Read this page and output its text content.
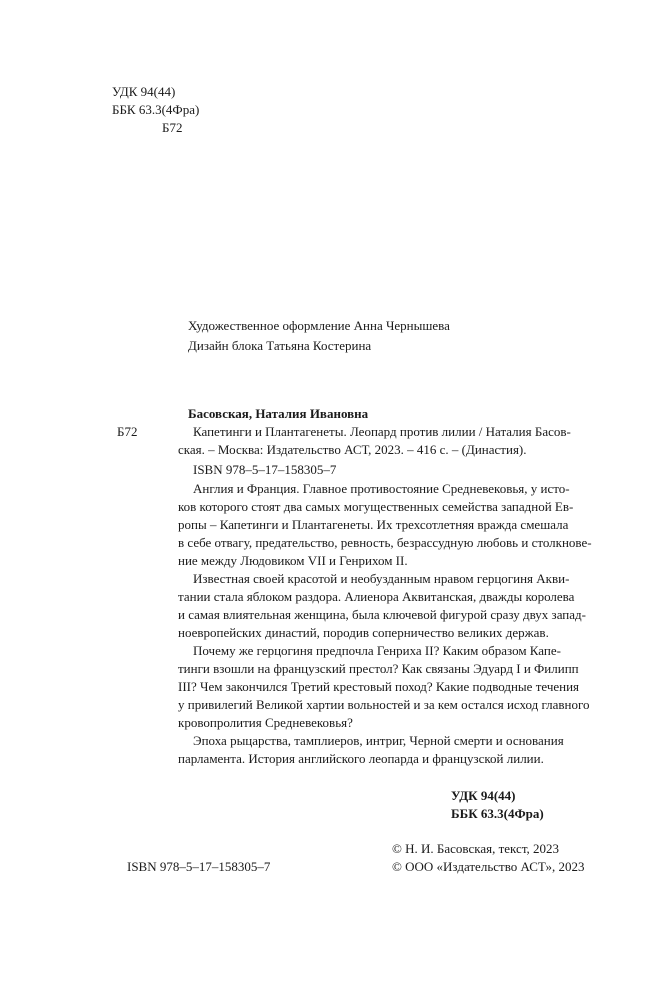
УДК 94(44)
ББК 63.3(4Фра)
Б72
Художественное оформление Анна Чернышева
Дизайн блока Татьяна Костерина
Басовская, Наталия Ивановна
Б72	Капетинги и Плантагенеты. Леопард против лилии / Наталия Басов-
ская. – Москва: Издательство АСТ, 2023. – 416 с. – (Династия).
ISBN 978–5–17–158305–7
Англия и Франция. Главное противостояние Средневековья, у исто-
ков которого стоят два самых могущественных семейства западной Ев-
ропы – Капетинги и Плантагенеты. Их трехсотлетняя вражда смешала
в себе отвагу, предательство, ревность, безрассудную любовь и столкнове-
ние между Людовиком VII и Генрихом II.
Известная своей красотой и необузданным нравом герцогиня Акви-
тании стала яблоком раздора. Алиенора Аквитанская, дважды королева
и самая влиятельная женщина, была ключевой фигурой сразу двух запад-
ноевропейских династий, породив соперничество великих держав.
Почему же герцогиня предпочла Генриха II? Каким образом Капе-
тинги взошли на французский престол? Как связаны Эдуард I и Филипп
III? Чем закончился Третий крестовый поход? Какие подводные течения
у привилегий Великой хартии вольностей и за кем остался исход главного
кровопролития Средневековья?
Эпоха рыцарства, тамплиеров, интриг, Черной смерти и основания
парламента. История английского леопарда и французской лилии.
УДК 94(44)
ББК 63.3(4Фра)
ISBN 978–5–17–158305–7
© Н. И. Басовская, текст, 2023
© ООО «Издательство АСТ», 2023
